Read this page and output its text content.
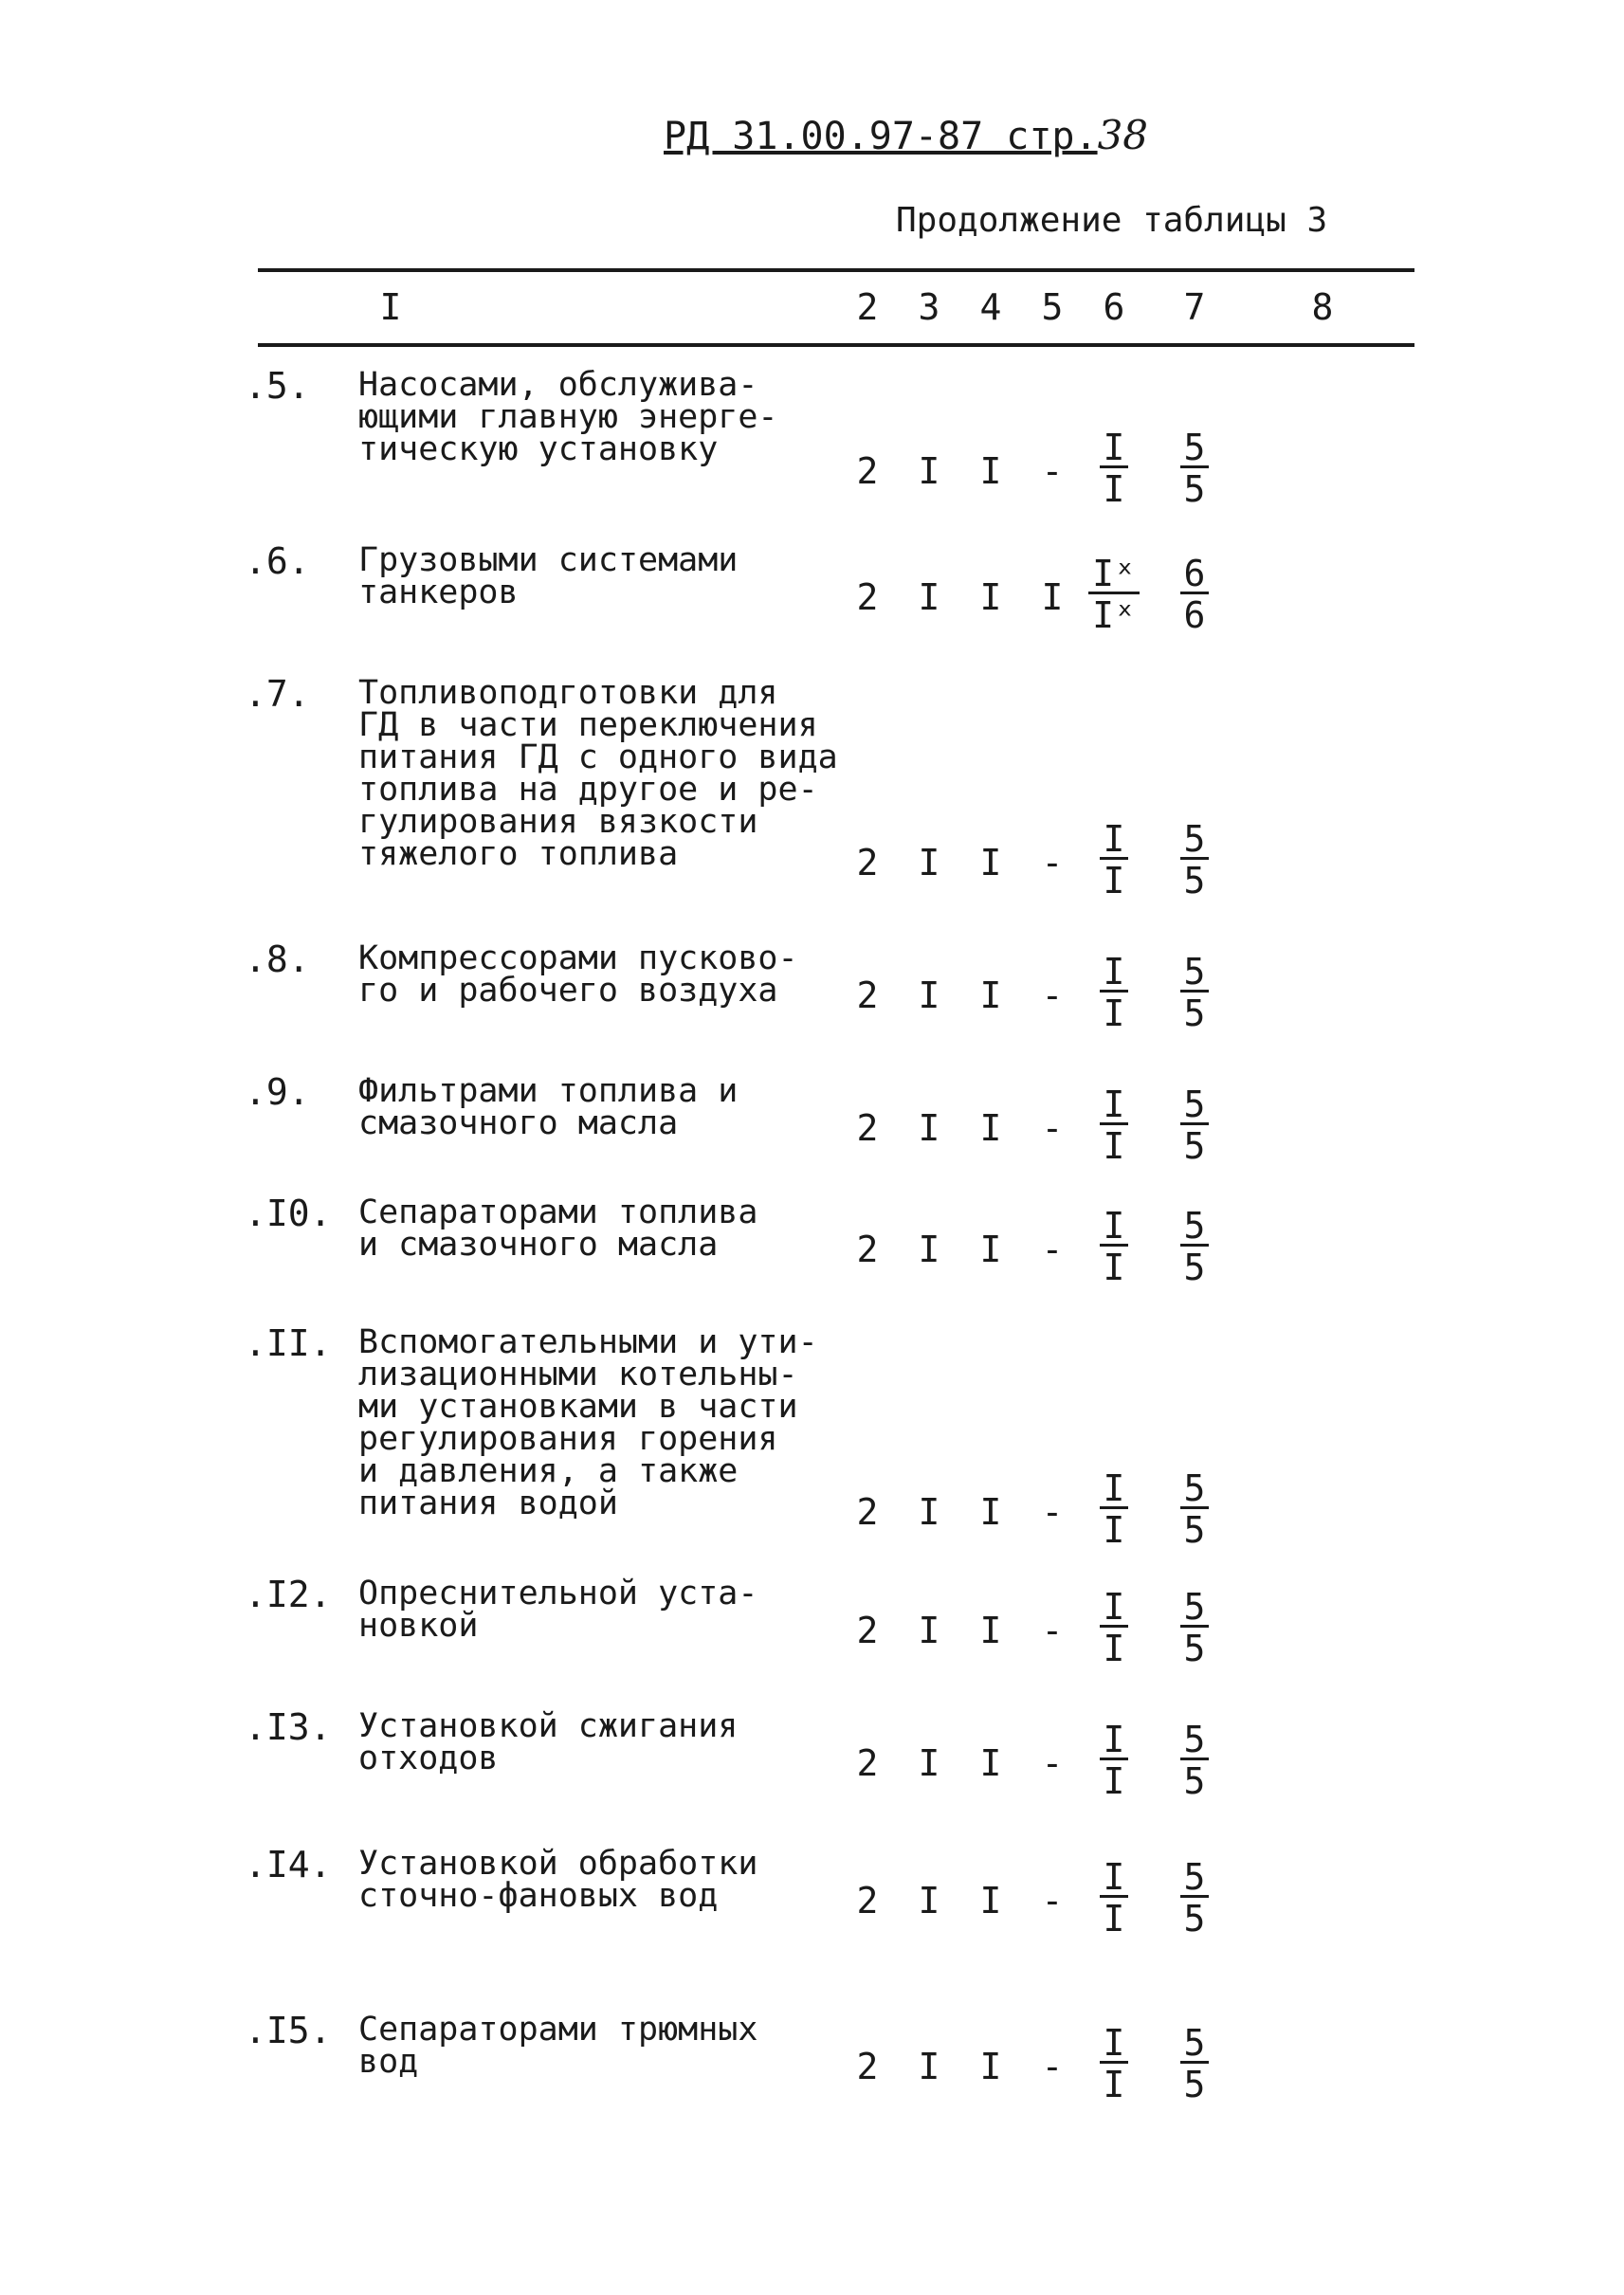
РД 31.00.97-87 стр.38
Продолжение таблицы 3
I	2	3	4	5	6	7	8
.5. Насосами, обслужива-
ющими главную энерге-
тическую установку
2	I	I	- $\frac{I}{I} \frac{5}{5}$
.6. Грузовыми системами
танкеров	2	I	I	I $\frac{\text{Iˣ}}{\text{Iˣ}} \frac{6}{6}$
.7. Топливоподготовки для
ГД в части переключения
питания ГД с одного вида
топлива на другое и ре-
гулирования вязкости
тяжелого топлива	2	I	I	- $\frac{I}{I} \frac{5}{5}$
.8. Компрессорами пусково-
го и рабочего воздуха	2	I	I	- $\frac{I}{I} \frac{5}{5}$
.9. Фильтрами топлива и
смазочного масла	2	I	I	- $\frac{I}{I} \frac{5}{5}$
.I0. Сепараторами топлива
и смазочного масла	2	I	I	- $\frac{I}{I} \frac{5}{5}$
.II. Вспомогательными и ути-
лизационными котельны-
ми установками в части
регулирования горения
и давления, а также
питания водой	2	I	I	- $\frac{I}{I} \frac{5}{5}$
.I2. Опреснительной уста-
новкой	2	I	I	- $\frac{I}{I} \frac{5}{5}$
.I3. Установкой сжигания
отходов	2	I	I	- $\frac{I}{I} \frac{5}{5}$
.I4. Установкой обработки
сточно-фановых вод	2	I	I	- $\frac{I}{I} \frac{5}{5}$
.I5. Сепараторами трюмных
вод	2	I	I	- $\frac{I}{I} \frac{5}{5}$
